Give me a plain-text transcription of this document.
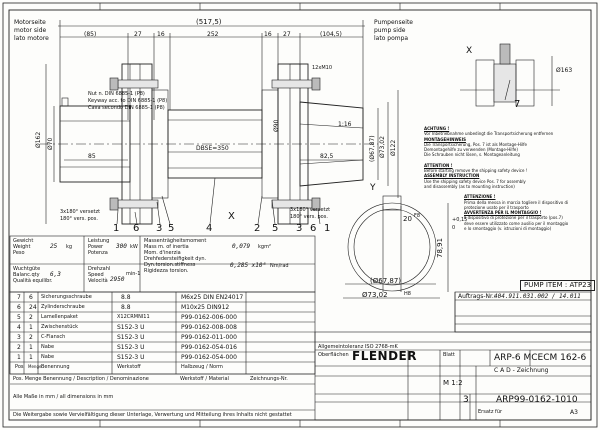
Motorseite
motor side
lato motore
Pumpenseite
pump side
lato pompa
(517,5)
(85)	27	16	252	16 27	(104,5)
85	82,5
DBSE=350
Ø162 Ø70
Ø90
(Ø67,87) Ø73,02 Ø122
1:16
12xM10	Ø163
X
7
Y
Nut n. DIN 6885-1 (P8)
Keyway acc. to DIN 6885-1 (P8)
Cava secondo DIN 6885-1 (P8)
3x180° versetzt
180° vers. pos.
3x180° versetzt
180° vers. pos.
1 6 3 5	4
X
2 5 3 6 1
Gewicht
Weight
Peso
25 kg
Wuchtgüte
Balanc.qty
Qualità equilibr.
6,3
Leistung
Power
Potenza
300 kW
Drehzahl
Speed
Velocità 2950
min-1
Massenträgheitsmoment
Mass m. of inertia
Mom. d'inerzia
0,079 kgm²
Drehfedersteifigkeit dyn.
Dyn.torsion.stiffness
Rigidezza torsion.
0,285 x10⁶ Nm/rad
ACHTUNG !
Vor Inbetriebnahme unbedingt die Transportsicherung entfernen
MONTAGEHINWEIS
Die Transportsicherung, Pos. 7 ist als Montage-Hilfe
Demontagehilfe zu verwenden (Montage-Hilfe)
Die Schrauben nicht lösen, s. Montageanleitung
ATTENTION !
Before starting remove the shipping safety device !
ASSEMBLY INSTRUCTION
Use the shipping safety device Pos. 7 for assembly
and disassembly (as to mounting instruction)
ATTENZIONE !
Prima della messa in marcia togliere il dispositivo di
protezione usato per il trasporto
AVVERTENZA PER IL MONTAGGIO !
Il dispositivo di protezione per il trasporto (pos.7)
deve essere utilizzato come ausilio per il montaggio
e lo smontaggio (v. istruzioni di montaggio)
20 F8
78,91
+0,15
0
(Ø67,87)
Ø73,02	H8
PUMP ITEM : ATP23
Auftrags-Nr.:
404.911.031.002 / 14.011
7 6 Sicherungsschraube	8.8	M6x25 DIN EN24017
6 24 Zylinderschraube	8.8	M10x25 DIN912
5 2 Lamellenpaket	X12CRMNI11	P99-0162-006-000
4 1 Zwischenstück	S152-3 U	P99-0162-008-008
3 2 C-Flansch	S152-3 U	P99-0162-011-000
2 1 Nabe	S152-3 U	P99-0162-054-016
1 1 Nabe	S152-3 U	P99-0162-054-000
Pos Menge Benennung	Werkstoff	Halbzeug / Norm
Pos. Menge Benennung / Description / Denominazione	Werkstoff / Material	Zeichnungs-Nr.
Die Weitergabe sowie Vervielfältigung dieser Unterlage, Verwertung und Mitteilung ihres Inhalts nicht gestattet
Alle Maße in mm / all dimensions in mm
FLENDER
Allgemeintoleranz ISO 2768-mK
Oberflächen	ARP-6 MCECM 162-6
C A D - Zeichnung
Blatt
M 1:2
ARP99-0162-1010
3
Ersatz für	A3
